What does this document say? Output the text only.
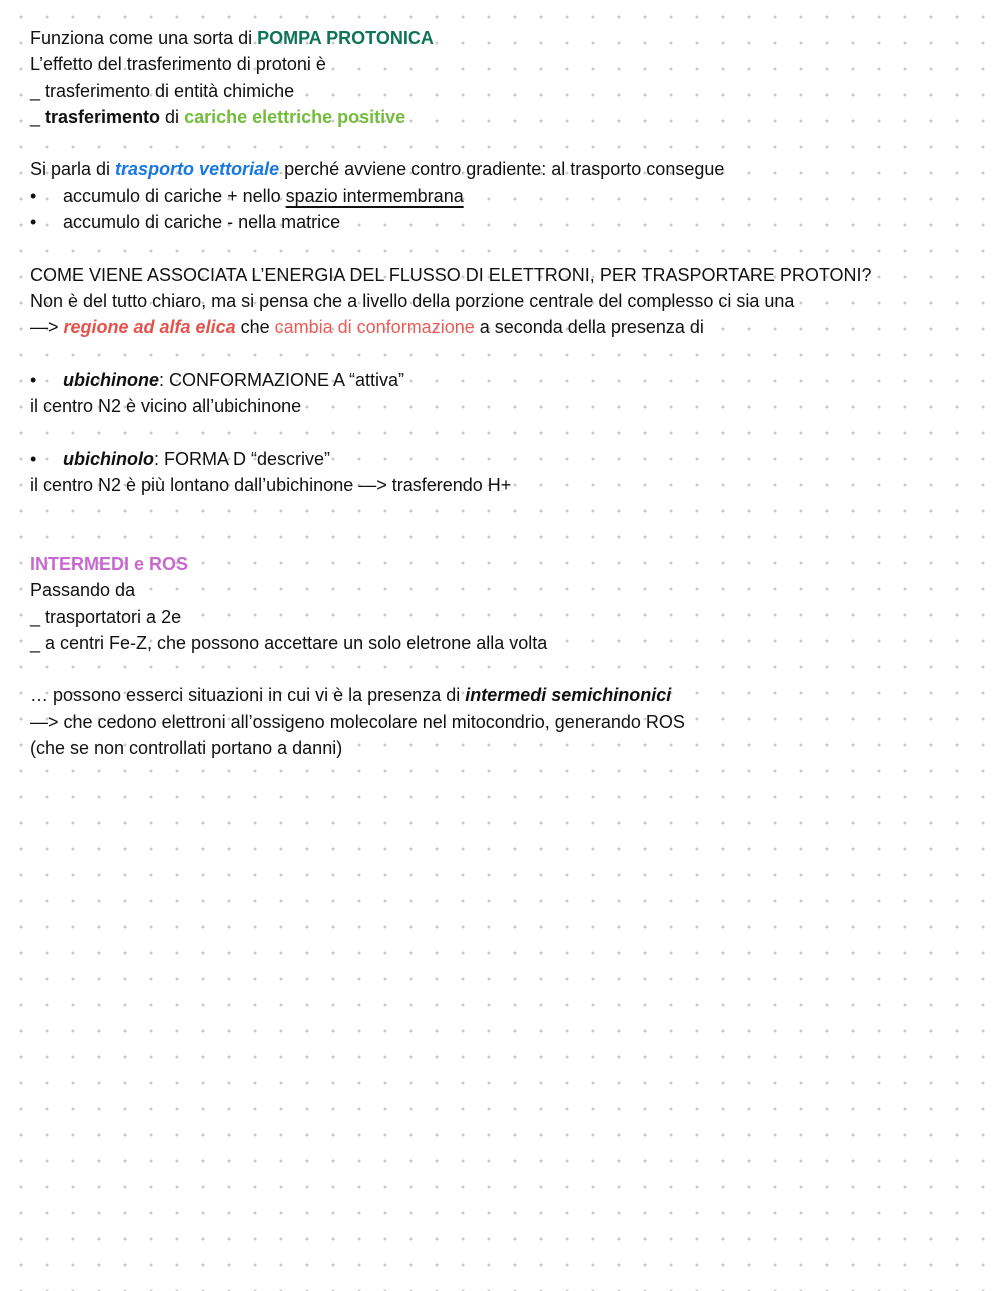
Funziona come una sorta di POMPA PROTONICA
L’effetto del trasferimento di protoni è
_ trasferimento di entità chimiche
_ trasferimento di cariche elettriche positive
Si parla di trasporto vettoriale perché avviene contro gradiente: al trasporto consegue
• accumulo di cariche + nello spazio intermembrana
• accumulo di cariche - nella matrice
COME VIENE ASSOCIATA L’ENERGIA DEL FLUSSO DI ELETTRONI, PER TRASPORTARE PROTONI?
Non è del tutto chiaro, ma si pensa che a livello della porzione centrale del complesso ci sia una
—> regione ad alfa elica che cambia di conformazione a seconda della presenza di
• ubichinone: CONFORMAZIONE A “attiva”
il centro N2 è vicino all’ubichinone
• ubichinolo: FORMA D “descrive”
il centro N2 è più lontano dall’ubichinone —> trasferendo H+
INTERMEDI e ROS
Passando da
_ trasportatori a 2e
_ a centri Fe-Z, che possono accettare un solo eletrone alla volta
… possono esserci situazioni in cui vi è la presenza di intermedi semichinonici
—> che cedono elettroni all’ossigeno molecolare nel mitocondrio, generando ROS
(che se non controllati portano a danni)
